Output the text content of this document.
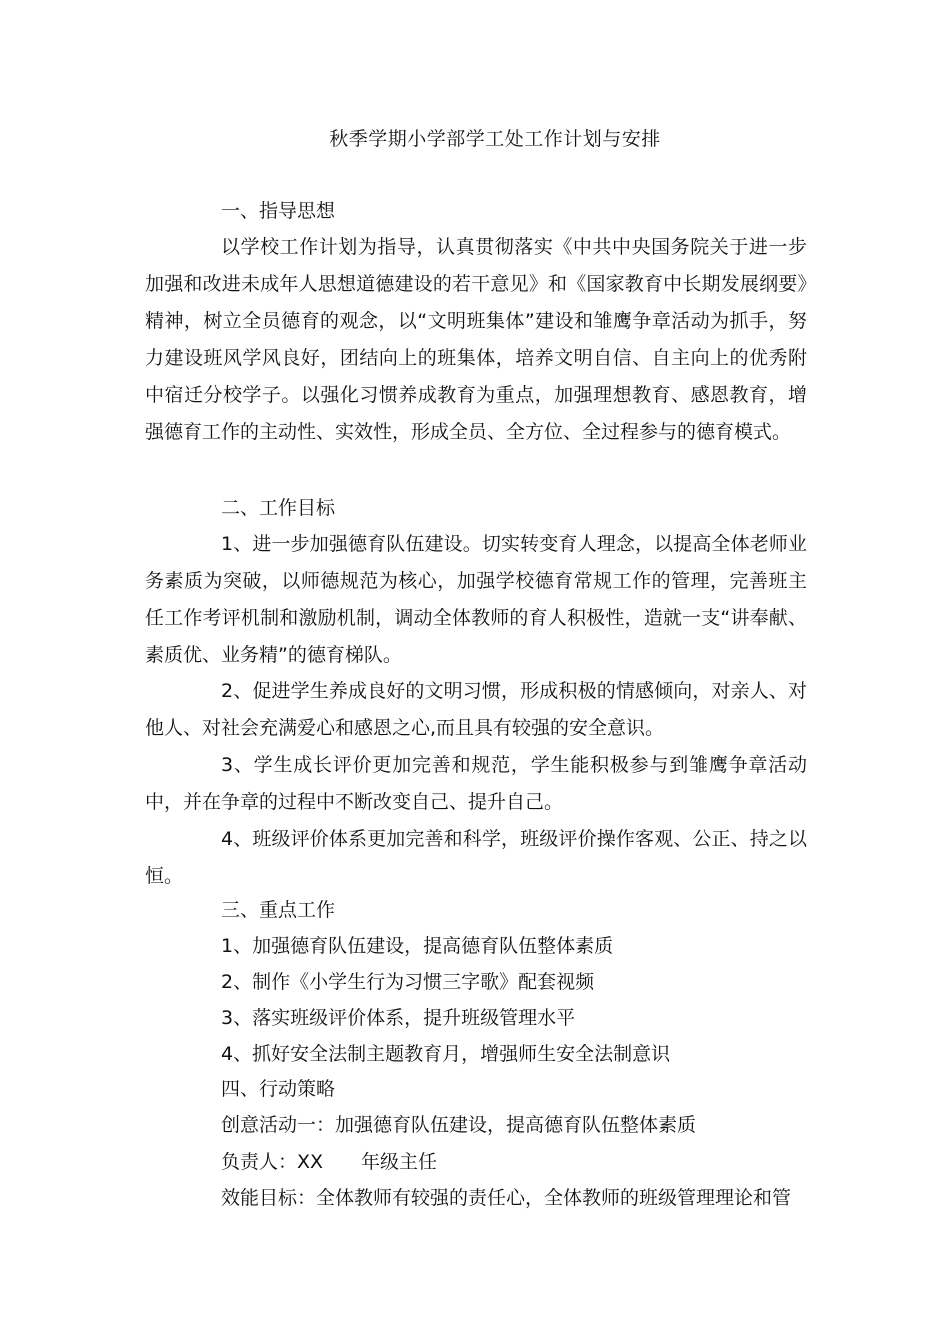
秋季学期小学部学工处工作计划与安排
一、指导思想
以学校工作计划为指导，认真贯彻落实《中共中央国务院关于进一步加强和改进未成年人思想道德建设的若干意见》和《国家教育中长期发展纲要》精神，树立全员德育的观念，以“文明班集体”建设和雏鹰争章活动为抓手，努力建设班风学风良好，团结向上的班集体，培养文明自信、自主向上的优秀附中宿迁分校学子。以强化习惯养成教育为重点，加强理想教育、感恩教育，增强德育工作的主动性、实效性，形成全员、全方位、全过程参与的德育模式。
二、工作目标
1、进一步加强德育队伍建设。切实转变育人理念，以提高全体老师业务素质为突破，以师德规范为核心，加强学校德育常规工作的管理，完善班主任工作考评机制和激励机制，调动全体教师的育人积极性，造就一支“讲奉献、素质优、业务精”的德育梯队。
2、促进学生养成良好的文明习惯，形成积极的情感倾向，对亲人、对他人、对社会充满爱心和感恩之心,而且具有较强的安全意识。
3、学生成长评价更加完善和规范，学生能积极参与到雏鹰争章活动中，并在争章的过程中不断改变自己、提升自己。
4、班级评价体系更加完善和科学，班级评价操作客观、公正、持之以恒。
三、重点工作
1、加强德育队伍建设，提高德育队伍整体素质
2、制作《小学生行为习惯三字歌》配套视频
3、落实班级评价体系，提升班级管理水平
4、抓好安全法制主题教育月，增强师生安全法制意识
四、行动策略
创意活动一：加强德育队伍建设，提高德育队伍整体素质
负责人：XX　　年级主任
效能目标：全体教师有较强的责任心，全体教师的班级管理理论和管
